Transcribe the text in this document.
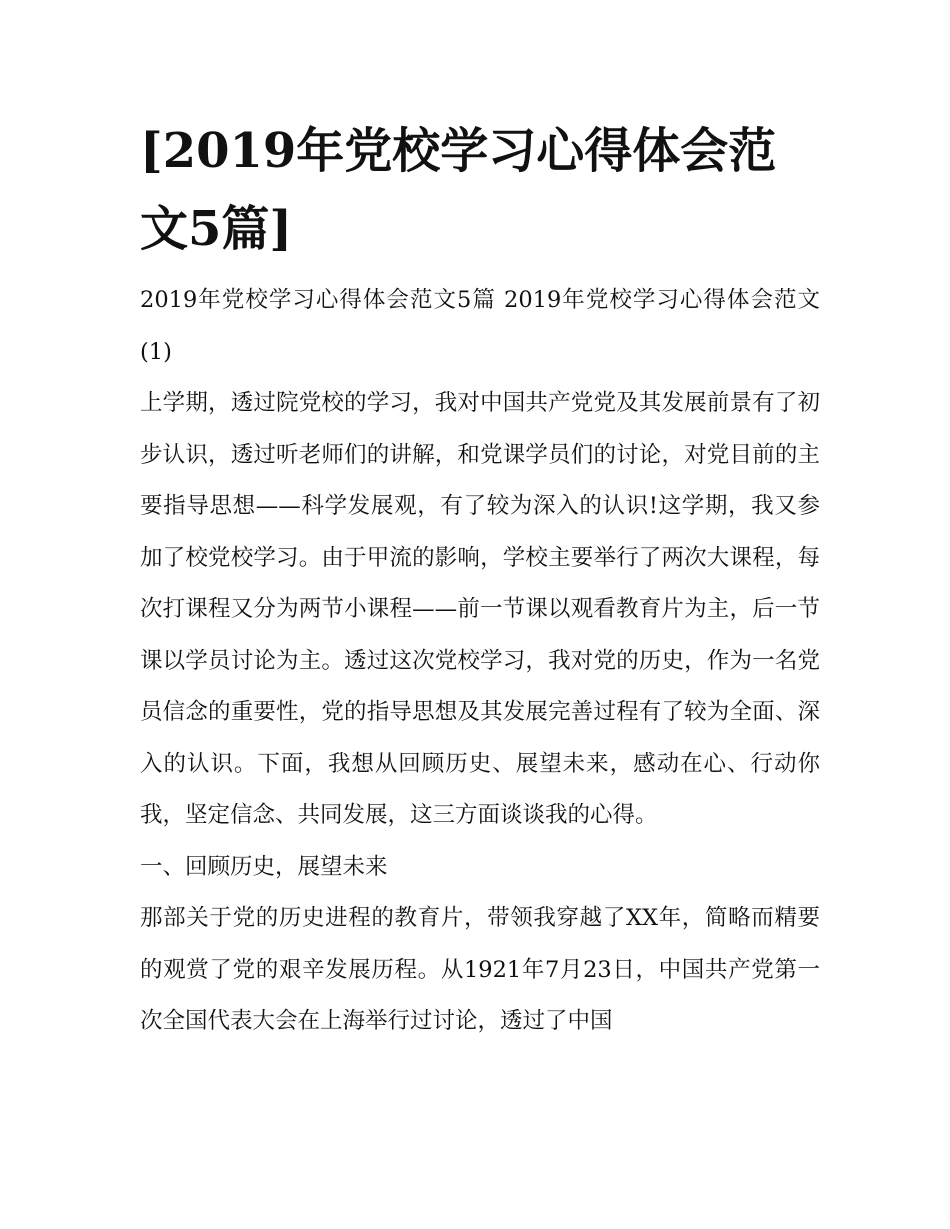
[2019年党校学习心得体会范文5篇]

2019年党校学习心得体会范文5篇 2019年党校学习心得体会范文(1)

上学期，透过院党校的学习，我对中国共产党党及其发展前景有了初步认识，透过听老师们的讲解，和党课学员们的讨论，对党目前的主要指导思想——科学发展观，有了较为深入的认识!这学期，我又参加了校党校学习。由于甲流的影响，学校主要举行了两次大课程，每次打课程又分为两节小课程——前一节课以观看教育片为主，后一节课以学员讨论为主。透过这次党校学习，我对党的历史，作为一名党员信念的重要性，党的指导思想及其发展完善过程有了较为全面、深入的认识。下面，我想从回顾历史、展望未来，感动在心、行动你我，坚定信念、共同发展，这三方面谈谈我的心得。

一、回顾历史，展望未来

那部关于党的历史进程的教育片，带领我穿越了XX年，简略而精要的观赏了党的艰辛发展历程。从1921年7月23日，中国共产党第一次全国代表大会在上海举行过讨论，透过了中国
